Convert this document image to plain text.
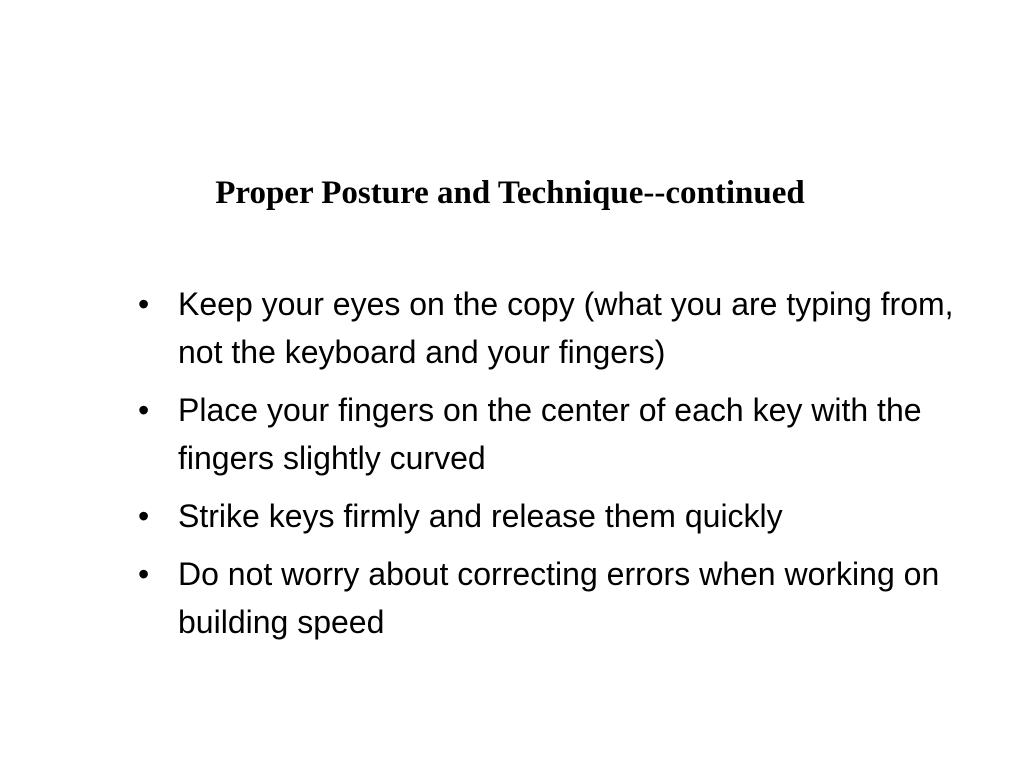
Proper Posture and Technique--continued
• Keep your eyes on the copy (what you are typing from, not the keyboard and your fingers)
• Place your fingers on the center of each key with the fingers slightly curved
• Strike keys firmly and release them quickly
• Do not worry about correcting errors when working on building speed
